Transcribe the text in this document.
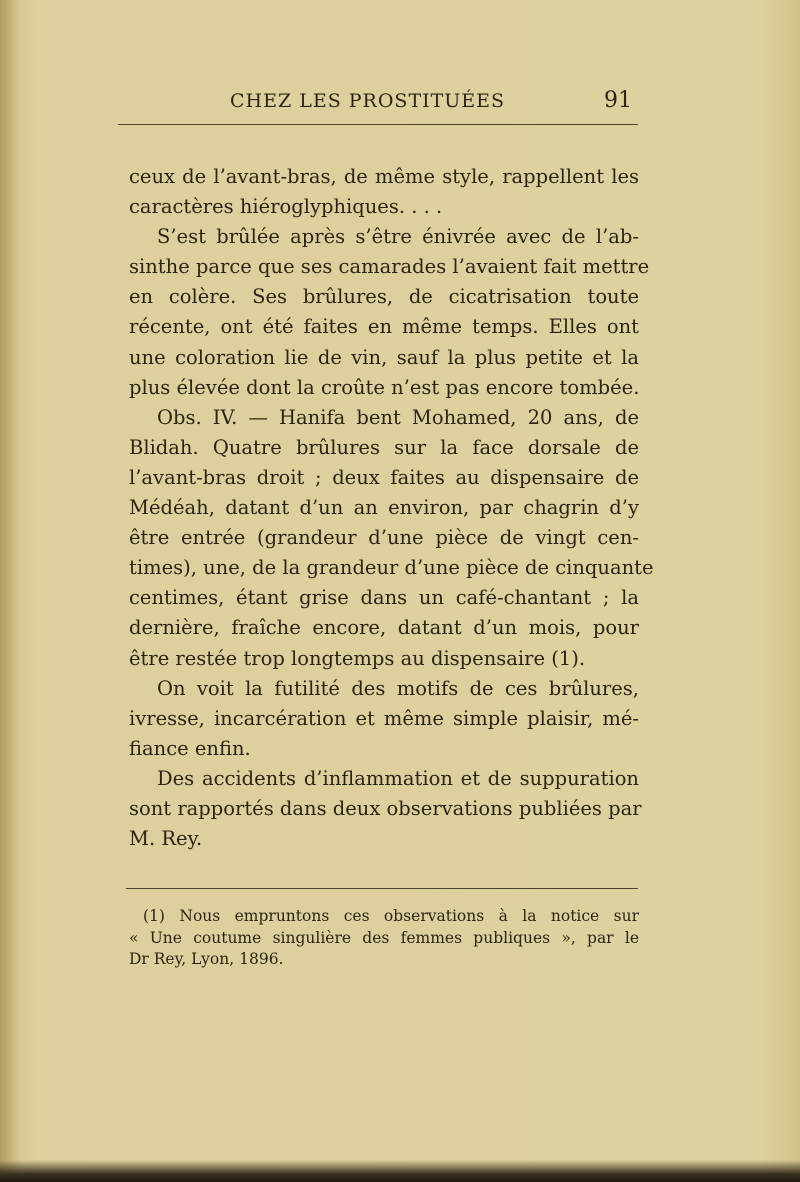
CHEZ LES PROSTITUÉES	91
ceux de l’avant-bras, de même style, rappellent les
caractères hiéroglyphiques. . . .
S’est brûlée après s’être énivrée avec de l’ab-
sinthe parce que ses camarades l’avaient fait mettre
en colère. Ses brûlures, de cicatrisation toute
récente, ont été faites en même temps. Elles ont
une coloration lie de vin, sauf la plus petite et la
plus élevée dont la croûte n’est pas encore tombée.
Obs. IV. — Hanifa bent Mohamed, 20 ans, de
Blidah. Quatre brûlures sur la face dorsale de
l’avant-bras droit ; deux faites au dispensaire de
Médéah, datant d’un an environ, par chagrin d’y
être entrée (grandeur d’une pièce de vingt cen-
times), une, de la grandeur d’une pièce de cinquante
centimes, étant grise dans un café-chantant ; la
dernière, fraîche encore, datant d’un mois, pour
être restée trop longtemps au dispensaire (1).
On voit la futilité des motifs de ces brûlures,
ivresse, incarcération et même simple plaisir, mé-
fiance enfin.
Des accidents d’inflammation et de suppuration
sont rapportés dans deux observations publiées par
M. Rey.
(1) Nous empruntons ces observations à la notice sur
« Une coutume singulière des femmes publiques », par le
Dr Rey, Lyon, 1896.
